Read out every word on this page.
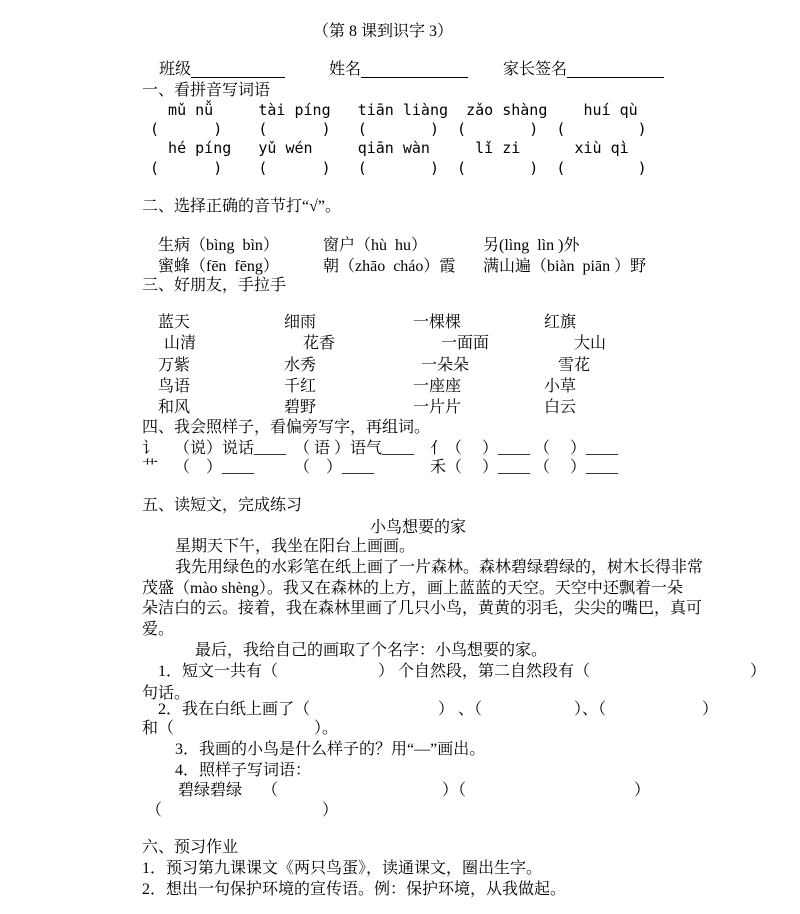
（第 8 课到识字 3）

班级	姓名	家长签名

一、看拼音写词语
mǔ nǚ     tài píng   tiān liàng  zǎo shàng    huí qù
(      )    (      )   (       )  (       )  (        )
hé píng   yǔ wén     qiān wàn     lǐ zi      xiù qì
(      )    (      )   (       )  (       )  (        )
二、选择正确的音节打“√”。

生病（bìng  bìn）	窗户（hù  hu）	另(lìng  lìn )外

蜜蜂（fēn  fēng）	朝（zhāo  cháo）霞 满山遍（biàn  piān ）野

三、好朋友，手拉手

蓝天	细雨	一棵棵	红旗

山清	花香	一面面	大山

万紫	水秀	一朵朵	雪花

鸟语	千红	一座座	小草

和风	碧野	一片片	白云

四、我会照样子，看偏旁写字，再组词。
讠    （说）说话____  （ 语 ）语气____    亻（     ）____ （     ）____
艹    （    ）____          （    ）____              禾（     ）____ （     ）____
五、读短文，完成练习
小鸟想要的家
星期天下午，我坐在阳台上画画。
我先用绿色的水彩笔在纸上画了一片森林。森林碧绿碧绿的，树木长得非常
茂盛（mào shèng）。我又在森林的上方，画上蓝蓝的天空。天空中还飘着一朵
朵洁白的云。接着，我在森林里画了几只小鸟，黄黄的羽毛，尖尖的嘴巴，真可
爱。
最后，我给自己的画取了个名字：小鸟想要的家。
1．短文一共有（                         ） 个自然段，第二自然段有（                                        ）
句话。
2．我在白纸上画了（                                ） 、（                       ）、（                        ）
和（                                   ）。
3．我画的小鸟是什么样子的？用“—”画出。
4．照样子写词语：
碧绿碧绿     （                                         ）（                                          ）
（                                        ）
六、预习作业
1．预习第九课课文《两只鸟蛋》，读通课文，圈出生字。
2．想出一句保护环境的宣传语。例：保护环境，从我做起。
